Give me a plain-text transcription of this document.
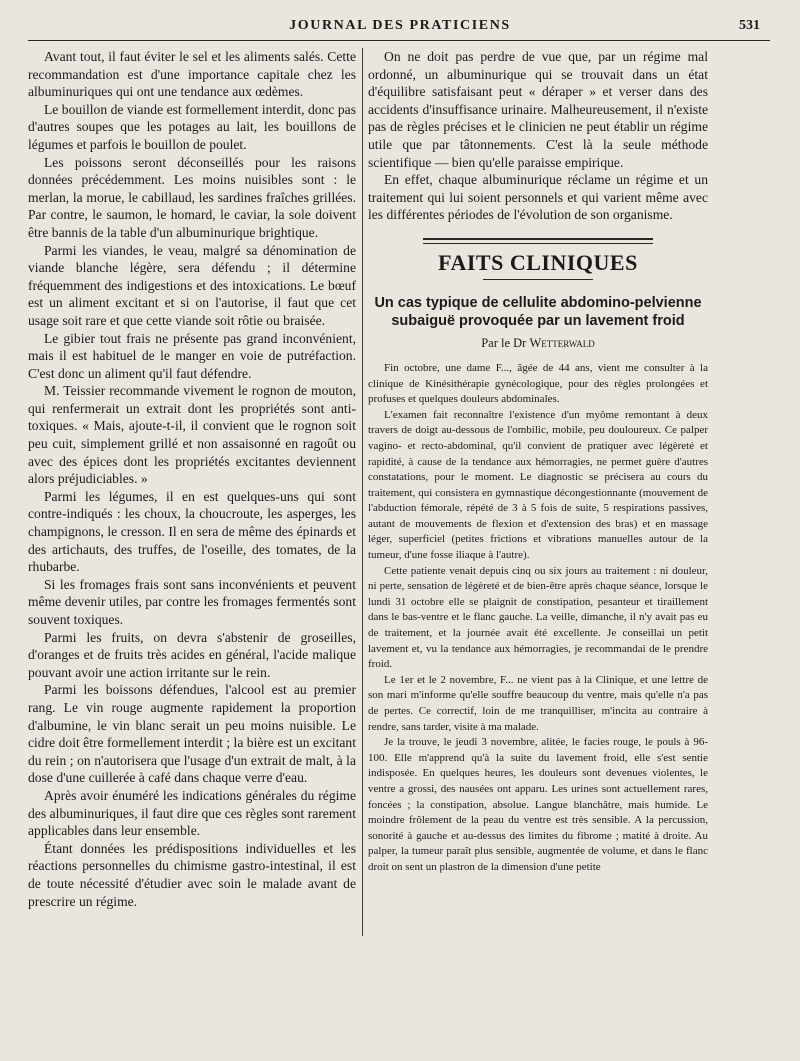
JOURNAL DES PRATICIENS	531

Avant tout, il faut éviter le sel et les aliments salés. Cette recommandation est d'une importance capitale chez les albuminuriques qui ont une tendance aux œdèmes.

Le bouillon de viande est formellement interdit, donc pas d'autres soupes que les potages au lait, les bouillons de légumes et parfois le bouillon de poulet.

Les poissons seront déconseillés pour les raisons données précédemment. Les moins nuisibles sont : le merlan, la morue, le cabillaud, les sardines fraîches grillées. Par contre, le saumon, le homard, le caviar, la sole doivent être bannis de la table d'un albuminurique brightique.

Parmi les viandes, le veau, malgré sa dénomination de viande blanche légère, sera défendu ; il détermine fréquemment des indigestions et des intoxications. Le bœuf est un aliment excitant et si on l'autorise, il faut que cet usage soit rare et que cette viande soit rôtie ou braisée.

Le gibier tout frais ne présente pas grand inconvénient, mais il est habituel de le manger en voie de putréfaction. C'est donc un aliment qu'il faut défendre.

M. Teissier recommande vivement le rognon de mouton, qui renfermerait un extrait dont les propriétés sont anti-toxiques. « Mais, ajoute-t-il, il convient que le rognon soit peu cuit, simplement grillé et non assaisonné en ragoût ou avec des épices dont les propriétés excitantes deviennent alors préjudiciables. »

Parmi les légumes, il en est quelques-uns qui sont contre-indiqués : les choux, la choucroute, les asperges, les champignons, le cresson. Il en sera de même des épinards et des artichauts, des truffes, de l'oseille, des tomates, de la rhubarbe.

Si les fromages frais sont sans inconvénients et peuvent même devenir utiles, par contre les fromages fermentés sont souvent toxiques.

Parmi les fruits, on devra s'abstenir de groseilles, d'oranges et de fruits très acides en général, l'acide malique pouvant avoir une action irritante sur le rein.

Parmi les boissons défendues, l'alcool est au premier rang. Le vin rouge augmente rapidement la proportion d'albumine, le vin blanc serait un peu moins nuisible. Le cidre doit être formellement interdit ; la bière est un excitant du rein ; on n'autorisera que l'usage d'un extrait de malt, à la dose d'une cuillerée à café dans chaque verre d'eau.

Après avoir énuméré les indications générales du régime des albuminuriques, il faut dire que ces règles sont rarement applicables dans leur ensemble.

Étant données les prédispositions individuelles et les réactions personnelles du chimisme gastro-intestinal, il est de toute nécessité d'étudier avec soin le malade avant de prescrire un régime.

On ne doit pas perdre de vue que, par un régime mal ordonné, un albuminurique qui se trouvait dans un état d'équilibre satisfaisant peut « déraper » et verser dans des accidents d'insuffisance urinaire. Malheureusement, il n'existe pas de règles précises et le clinicien ne peut établir un régime utile que par tâtonnements. C'est là la seule méthode scientifique — bien qu'elle paraisse empirique.

En effet, chaque albuminurique réclame un régime et un traitement qui lui soient personnels et qui varient même avec les différentes périodes de l'évolution de son organisme.

FAITS CLINIQUES
Un cas typique de cellulite abdomino-pelvienne subaiguë provoquée par un lavement froid
Par le Dr Wetterwald

Fin octobre, une dame F..., âgée de 44 ans, vient me consulter à la clinique de Kinésithérapie gynécologique, pour des règles prolongées et profuses et quelques douleurs abdominales.

L'examen fait reconnaître l'existence d'un myôme remontant à deux travers de doigt au-dessous de l'ombilic, mobile, peu douloureux. Ce palper vagino- et recto-abdominal, qu'il convient de pratiquer avec légèreté et rapidité, à cause de la tendance aux hémorragies, ne permet guère d'autres constatations, pour le moment. Le diagnostic se précisera au cours du traitement, qui consistera en gymnastique décongestionnante (mouvement de l'abduction fémorale, répété de 3 à 5 fois de suite, 5 respirations passives, autant de mouvements de flexion et d'extension des bras) et en massage léger, superficiel (petites frictions et vibrations manuelles autour de la tumeur, d'une fosse iliaque à l'autre).

Cette patiente venait depuis cinq ou six jours au traitement : ni douleur, ni perte, sensation de légèreté et de bien-être après chaque séance, lorsque le lundi 31 octobre elle se plaignit de constipation, pesanteur et tiraillement dans le bas-ventre et le flanc gauche. La veille, dimanche, il n'y avait pas eu de traitement, et la journée avait été excellente. Je conseillai un petit lavement et, vu la tendance aux hémorragies, je recommandai de le prendre froid.

Le 1er et le 2 novembre, F... ne vient pas à la Clinique, et une lettre de son mari m'informe qu'elle souffre beaucoup du ventre, mais qu'elle n'a pas de pertes. Ce correctif, loin de me tranquilliser, m'incita au contraire à rendre, sans tarder, visite à ma malade.

Je la trouve, le jeudi 3 novembre, alitée, le facies rouge, le pouls à 96-100. Elle m'apprend qu'à la suite du lavement froid, elle s'est sentie indisposée. En quelques heures, les douleurs sont devenues violentes, le ventre a grossi, des nausées ont apparu. Les urines sont actuellement rares, foncées ; la constipation, absolue. Langue blanchâtre, mais humide. Le moindre frôlement de la peau du ventre est très sensible. A la percussion, sonorité à gauche et au-dessus des limites du fibrome ; matité à droite. Au palper, la tumeur paraît plus sensible, augmentée de volume, et dans le flanc droit on sent un plastron de la dimension d'une petite
